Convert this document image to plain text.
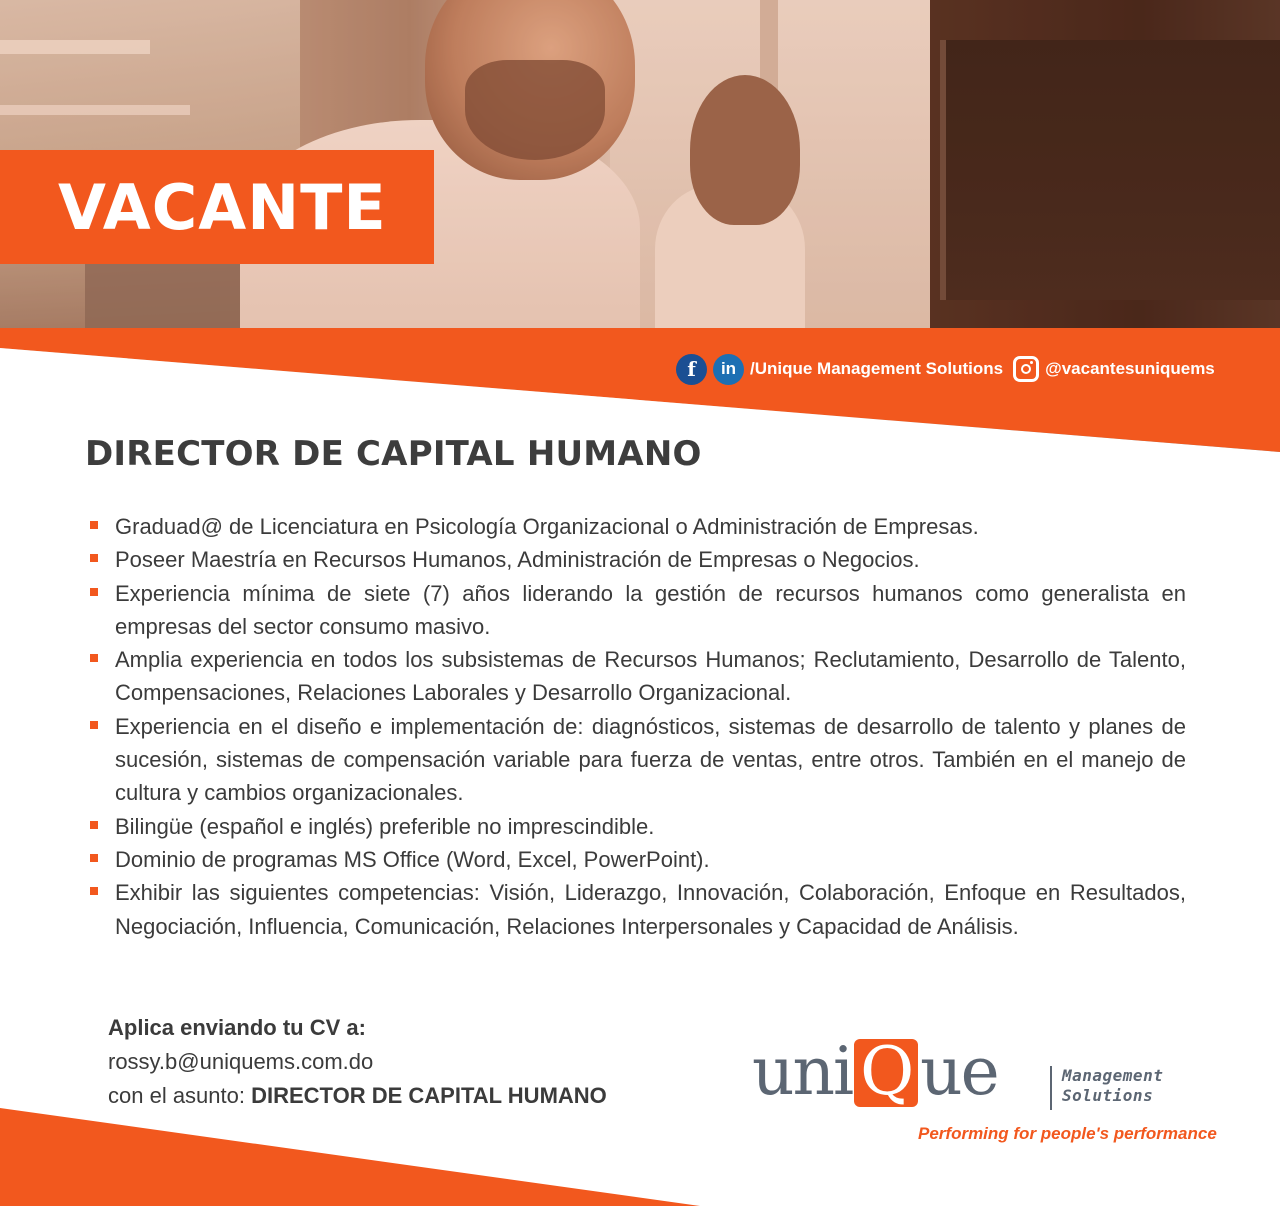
VACANTE
f in /Unique Management Solutions @vacantesuniquems
DIRECTOR DE CAPITAL HUMANO
Graduad@ de Licenciatura en Psicología Organizacional o Administración de Empresas.
Poseer Maestría en Recursos Humanos, Administración de Empresas o Negocios.
Experiencia mínima de siete (7) años liderando la gestión de recursos humanos como generalista en empresas del sector consumo masivo.
Amplia experiencia en todos los subsistemas de Recursos Humanos; Reclutamiento, Desarrollo de Talento, Compensaciones, Relaciones Laborales y Desarrollo Organizacional.
Experiencia en el diseño e implementación de: diagnósticos, sistemas de desarrollo de talento y planes de sucesión, sistemas de compensación variable para fuerza de ventas, entre otros. También en el manejo de cultura y cambios organizacionales.
Bilingüe (español e inglés) preferible no imprescindible.
Dominio de programas MS Office (Word, Excel, PowerPoint).
Exhibir las siguientes competencias: Visión, Liderazgo, Innovación, Colaboración, Enfoque en Resultados, Negociación, Influencia, Comunicación, Relaciones Interpersonales y Capacidad de Análisis.
Aplica enviando tu CV a:
rossy.b@uniquems.com.do
con el asunto: DIRECTOR DE CAPITAL HUMANO uni Q ue	Management
Solutions
Performing for people's performance
